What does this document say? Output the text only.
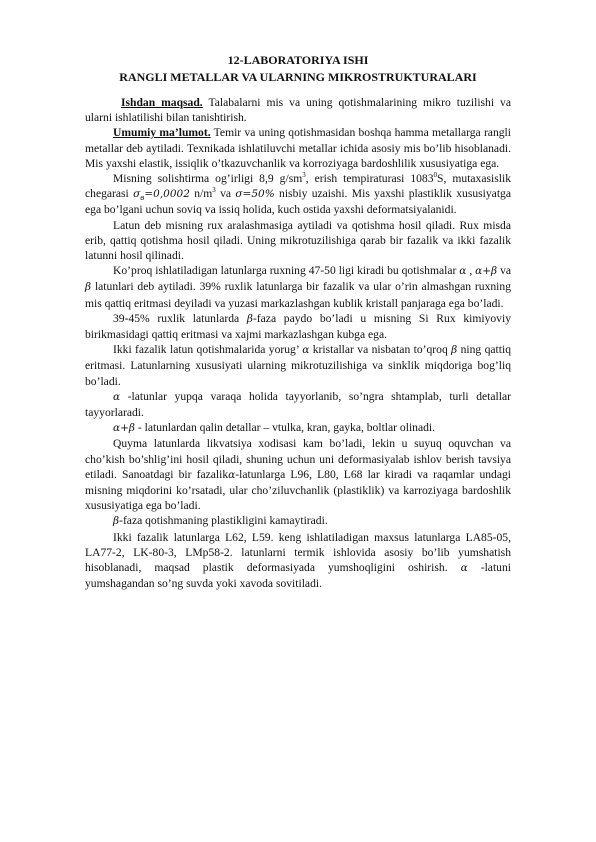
12-LABORATORIYA ISHI
RANGLI METALLAR VA ULARNING MIKROSTRUKTURALARI

Ishdan maqsad. Talabalarni mis va uning qotishmalarining mikro tuzilishi va ularni ishlatilishi bilan tanishtirish.

Umumiy ma’lumot. Temir va uning qotishmasidan boshqa hamma metallarga rangli metallar deb aytiladi. Texnikada ishlatiluvchi metallar ichida asosiy mis bo’lib hisoblanadi. Mis yaxshi elastik, issiqlik o’tkazuvchanlik va korroziyaga bardoshlilik xususiyatiga ega.

Misning solishtirma og’irligi 8,9 $g/sm^3$, erish tempiraturasi 1083$^0$S, mutaxasislik chegarasi $\sigma_в=0,0002$ $n/m^3$ va σ=50% nisbiy uzaishi. Mis yaxshi plastiklik xususiyatga ega bo’lgani uchun soviq va issiq holida, kuch ostida yaxshi deformatsiyalanidi.

Latun deb misning rux aralashmasiga aytiladi va qotishma hosil qiladi. Rux misda erib, qattiq qotishma hosil qiladi. Uning mikrotuzilishiga qarab bir fazalik va ikki fazalik latunni hosil qilinadi.

Ko’proq ishlatiladigan latunlarga ruxning 47-50 ligi kiradi bu qotishmalar α , α+β va β latunlari deb aytiladi. 39% ruxlik latunlarga bir fazalik va ular o’rin almashgan ruxning mis qattiq eritmasi deyiladi va yuzasi markazlashgan kublik kristall panjaraga ega bo’ladi.

39-45% ruxlik latunlarda β-faza paydo bo’ladi u misning Si Rux kimiyoviy birikmasidagi qattiq eritmasi va xajmi markazlashgan kubga ega.

Ikki fazalik latun qotishmalarida yorug’ α kristallar va nisbatan to’qroq β ning qattiq eritmasi. Latunlarning xususiyati ularning mikrotuzilishiga va sinklik miqdoriga bog’liq bo’ladi.

α -latunlar yupqa varaqa holida tayyorlanib, so’ngra shtamplab, turli detallar tayyorlaradi.

α+β - latunlardan qalin detallar – vtulka, kran, gayka, boltlar olinadi.

Quyma latunlarda likvatsiya xodisasi kam bo’ladi, lekin u suyuq oquvchan va cho’kish bo’shlig’ini hosil qiladi, shuning uchun uni deformasiyalab ishlov berish tavsiya etiladi. Sanoatdagi bir fazalikα-latunlarga L96, L80, L68 lar kiradi va raqamlar undagi misning miqdorini ko’rsatadi, ular cho’ziluvchanlik (plastiklik) va karroziyaga bardoshlik xususiyatiga ega bo’ladi.

β-faza qotishmaning plastikligini kamaytiradi.

Ikki fazalik latunlarga L62, L59. keng ishlatiladigan maxsus latunlarga LA85-05, LA77-2, LK-80-3, LMp58-2. latunlarni termik ishlovida asosiy bo’lib yumshatish hisoblanadi, maqsad plastik deformasiyada yumshoqligini oshirish. α -latuni yumshagandan so’ng suvda yoki xavoda sovitiladi.
